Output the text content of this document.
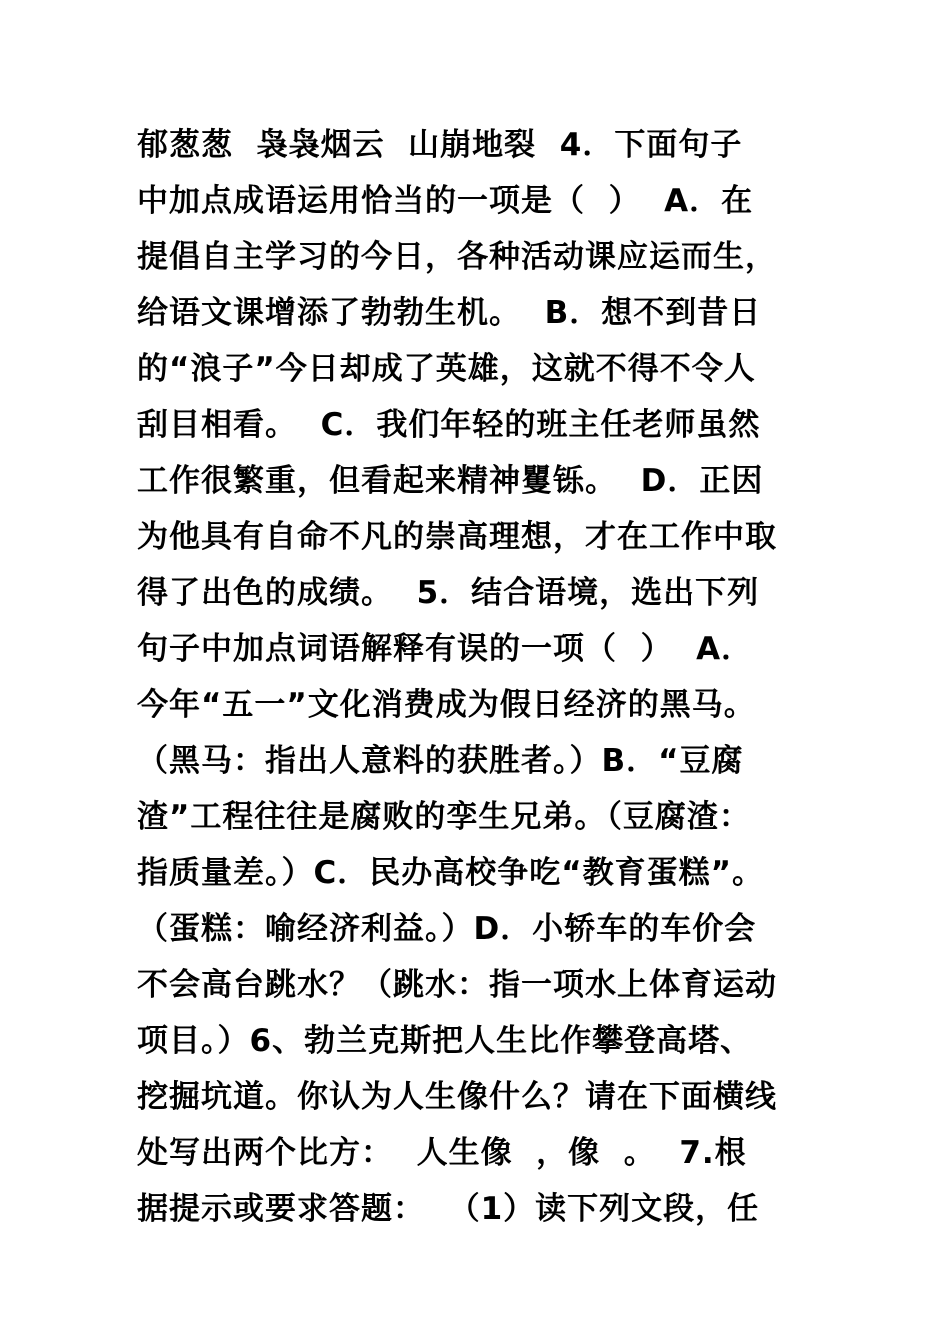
郁葱葱  袅袅烟云  山崩地裂  4．下面句子
中加点成语运用恰当的一项是（  ）  A．在
提倡自主学习的今日，各种活动课应运而生，
给语文课增添了勃勃生机。  B．想不到昔日
的“浪子”今日却成了英雄，这就不得不令人
刮目相看。  C．我们年轻的班主任老师虽然
工作很繁重，但看起来精神矍铄。  D．正因
为他具有自命不凡的崇高理想，才在工作中取
得了出色的成绩。  5．结合语境，选出下列
句子中加点词语解释有误的一项（  ）  A．
今年“五一”文化消费成为假日经济的黑马。
（黑马：指出人意料的获胜者。）B．“豆腐
渣”工程往往是腐败的孪生兄弟。（豆腐渣：
指质量差。）C．民办高校争吃“教育蛋糕”。
（蛋糕：喻经济利益。）D．小轿车的车价会
不会高台跳水？（跳水：指一项水上体育运动
项目。）6、勃兰克斯把人生比作攀登高塔、
挖掘坑道。你认为人生像什么？请在下面横线
处写出两个比方：  人生像  ，像  。  7.根
据提示或要求答题：  （1）读下列文段，任
